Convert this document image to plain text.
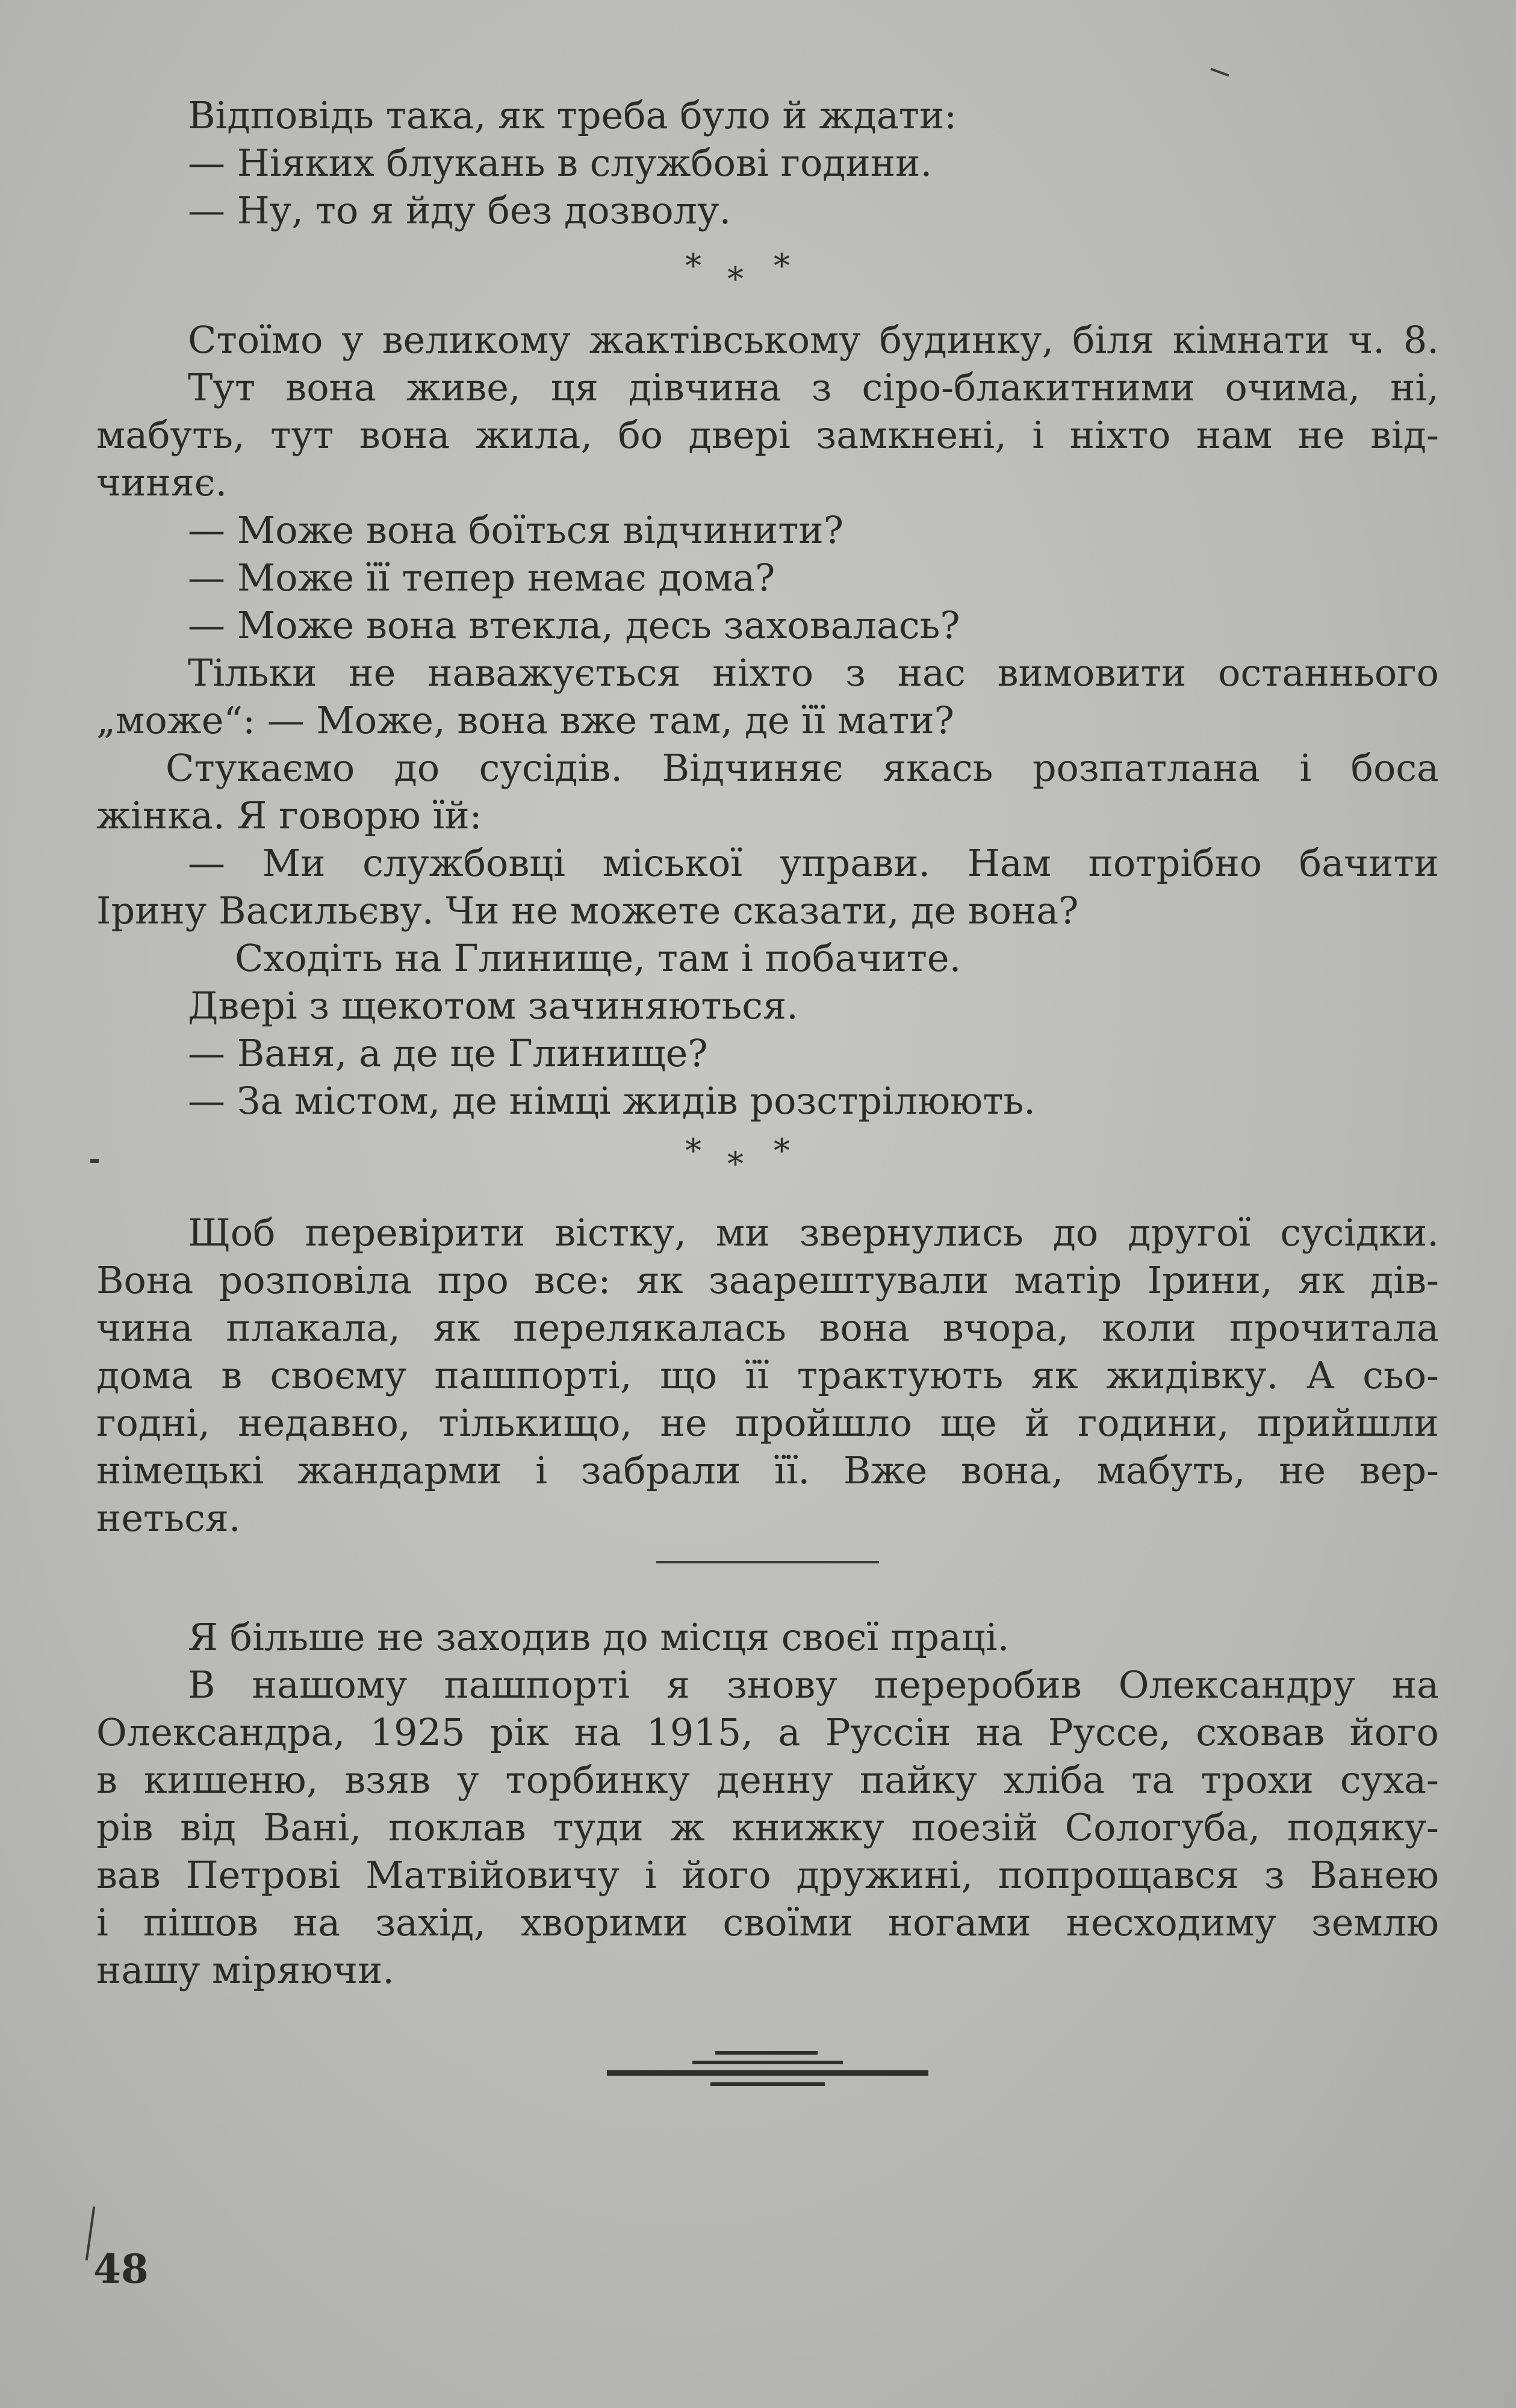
Відповідь така, як треба було й ждати:
— Ніяких блукань в службові години.
— Ну, то я йду без дозволу.
* * *
Стоїмо у великому жактівському будинку, біля кімнати ч. 8.
Тут вона живе, ця дівчина з сіро-блакитними очима, ні,
мабуть, тут вона жила, бо двері замкнені, і ніхто нам не від-
чиняє.
— Може вона боїться відчинити?
— Може її тепер немає дома?
— Може вона втекла, десь заховалась?
Тільки не наважується ніхто з нас вимовити останнього
„може“: — Може, вона вже там, де її мати?
Стукаємо до сусідів. Відчиняє якась розпатлана і боса
жінка. Я говорю їй:
— Ми службовці міської управи. Нам потрібно бачити
Ірину Васильєву. Чи не можете сказати, де вона?
Сходіть на Глинище, там і побачите.
Двері з щекотом зачиняються.
— Ваня, а де це Глинище?
— За містом, де німці жидів розстрілюють.
* * *
Щоб перевірити вістку, ми звернулись до другої сусідки.
Вона розповіла про все: як заарештували матір Ірини, як дів-
чина плакала, як перелякалась вона вчора, коли прочитала
дома в своєму пашпорті, що її трактують як жидівку. А сьо-
годні, недавно, тількищо, не пройшло ще й години, прийшли
німецькі жандарми і забрали її. Вже вона, мабуть, не вер-
неться.
Я більше не заходив до місця своєї праці.
В нашому пашпорті я знову переробив Олександру на
Олександра, 1925 рік на 1915, а Руссін на Руссе, сховав його
в кишеню, взяв у торбинку денну пайку хліба та трохи суха-
рів від Вані, поклав туди ж книжку поезій Сологуба, подяку-
вав Петрові Матвійовичу і його дружині, попрощався з Ванею
і пішов на захід, хворими своїми ногами несходиму землю
нашу міряючи.
48
